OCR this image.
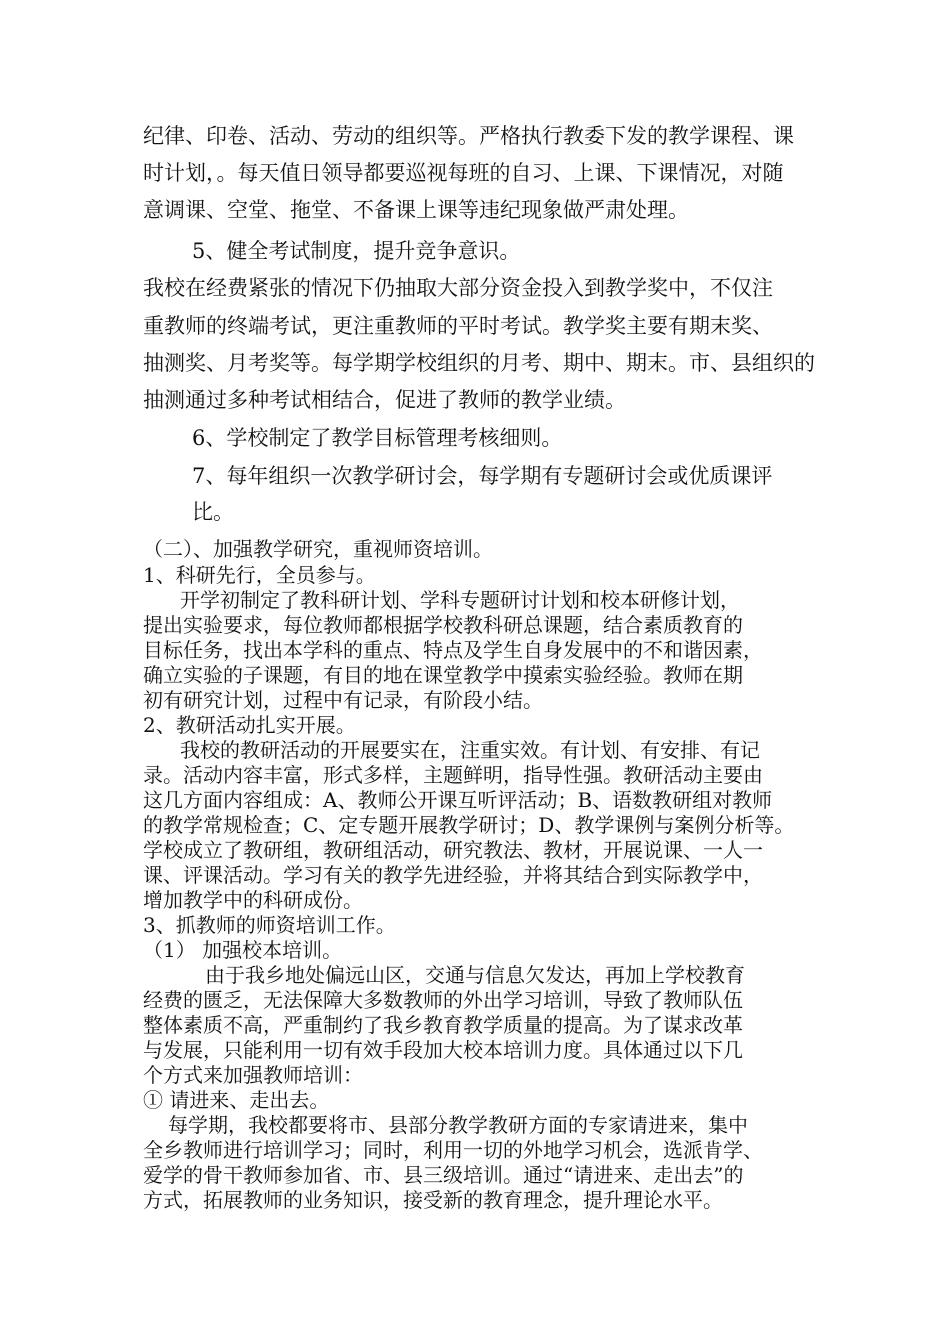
纪律、印卷、活动、劳动的组织等。严格执行教委下发的教学课程、课
时计划，。每天值日领导都要巡视每班的自习、上课、下课情况，对随
意调课、空堂、拖堂、不备课上课等违纪现象做严肃处理。
5、健全考试制度，提升竞争意识。
我校在经费紧张的情况下仍抽取大部分资金投入到教学奖中，不仅注
重教师的终端考试，更注重教师的平时考试。教学奖主要有期末奖、
抽测奖、月考奖等。每学期学校组织的月考、期中、期末。市、县组织的
抽测通过多种考试相结合，促进了教师的教学业绩。
6、学校制定了教学目标管理考核细则。
7、每年组织一次教学研讨会，每学期有专题研讨会或优质课评
比。
（二）、加强教学研究，重视师资培训。
1、科研先行，全员参与。
开学初制定了教科研计划、学科专题研讨计划和校本研修计划，
提出实验要求，每位教师都根据学校教科研总课题，结合素质教育的
目标任务，找出本学科的重点、特点及学生自身发展中的不和谐因素，
确立实验的子课题，有目的地在课堂教学中摸索实验经验。教师在期
初有研究计划，过程中有记录，有阶段小结。
2、教研活动扎实开展。
我校的教研活动的开展要实在，注重实效。有计划、有安排、有记
录。活动内容丰富，形式多样，主题鲜明，指导性强。教研活动主要由
这几方面内容组成：A、教师公开课互听评活动；B、语数教研组对教师
的教学常规检查；C、定专题开展教学研讨；D、教学课例与案例分析等。
学校成立了教研组，教研组活动，研究教法、教材，开展说课、一人一
课、评课活动。学习有关的教学先进经验，并将其结合到实际教学中，
增加教学中的科研成份。
3、抓教师的师资培训工作。
（1） 加强校本培训。
由于我乡地处偏远山区，交通与信息欠发达，再加上学校教育
经费的匮乏，无法保障大多数教师的外出学习培训，导致了教师队伍
整体素质不高，严重制约了我乡教育教学质量的提高。为了谋求改革
与发展，只能利用一切有效手段加大校本培训力度。具体通过以下几
个方式来加强教师培训：
① 请进来、走出去。
每学期，我校都要将市、县部分教学教研方面的专家请进来，集中
全乡教师进行培训学习；同时，利用一切的外地学习机会，选派肯学、
爱学的骨干教师参加省、市、县三级培训。通过“请进来、走出去”的
方式，拓展教师的业务知识，接受新的教育理念，提升理论水平。
